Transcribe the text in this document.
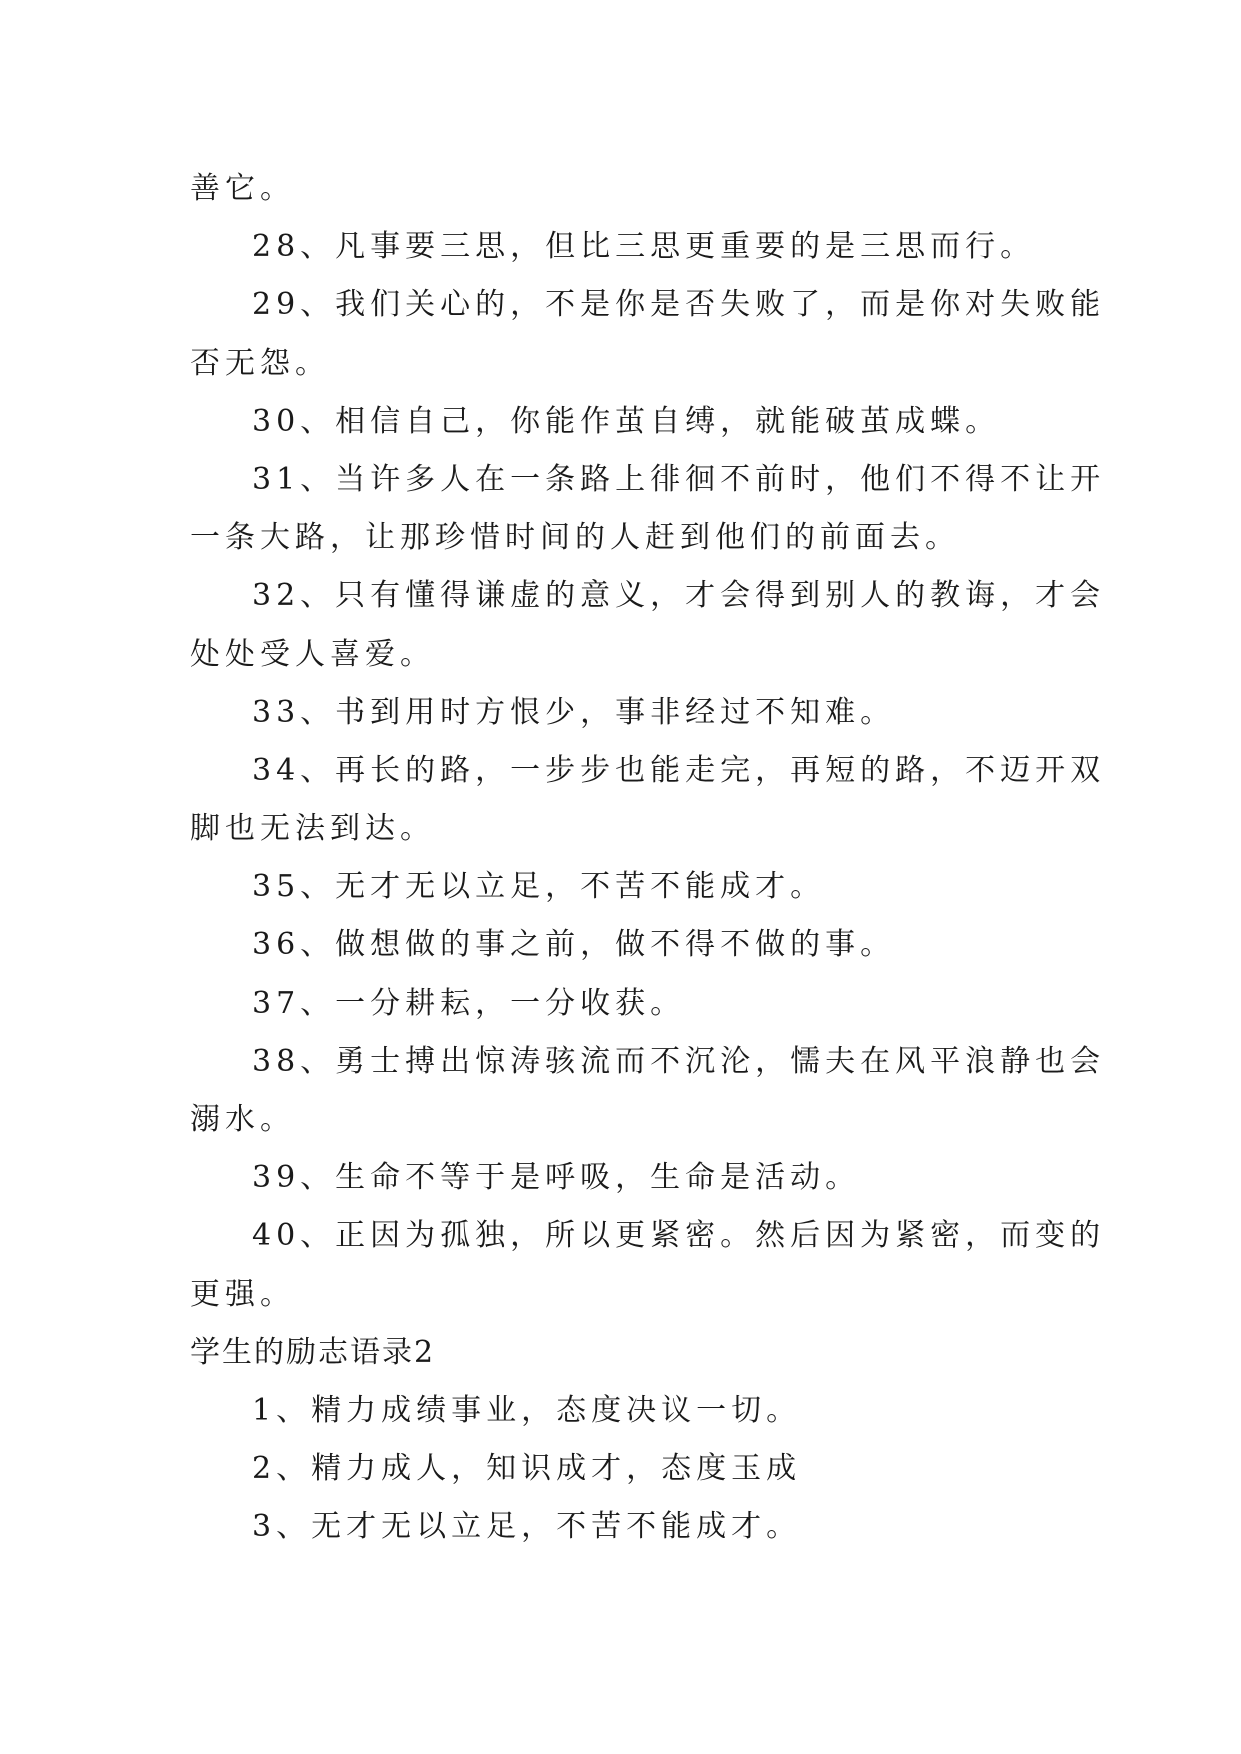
善它。
28、凡事要三思，但比三思更重要的是三思而行。
29、我们关心的，不是你是否失败了，而是你对失败能
否无怨。
30、相信自己，你能作茧自缚，就能破茧成蝶。
31、当许多人在一条路上徘徊不前时，他们不得不让开
一条大路，让那珍惜时间的人赶到他们的前面去。
32、只有懂得谦虚的意义，才会得到别人的教诲，才会
处处受人喜爱。
33、书到用时方恨少，事非经过不知难。
34、再长的路，一步步也能走完，再短的路，不迈开双
脚也无法到达。
35、无才无以立足，不苦不能成才。
36、做想做的事之前，做不得不做的事。
37、一分耕耘，一分收获。
38、勇士搏出惊涛骇流而不沉沦，懦夫在风平浪静也会
溺水。
39、生命不等于是呼吸，生命是活动。
40、正因为孤独，所以更紧密。然后因为紧密，而变的
更强。
学生的励志语录2
1、精力成绩事业，态度决议一切。
2、精力成人，知识成才，态度玉成
3、无才无以立足，不苦不能成才。
